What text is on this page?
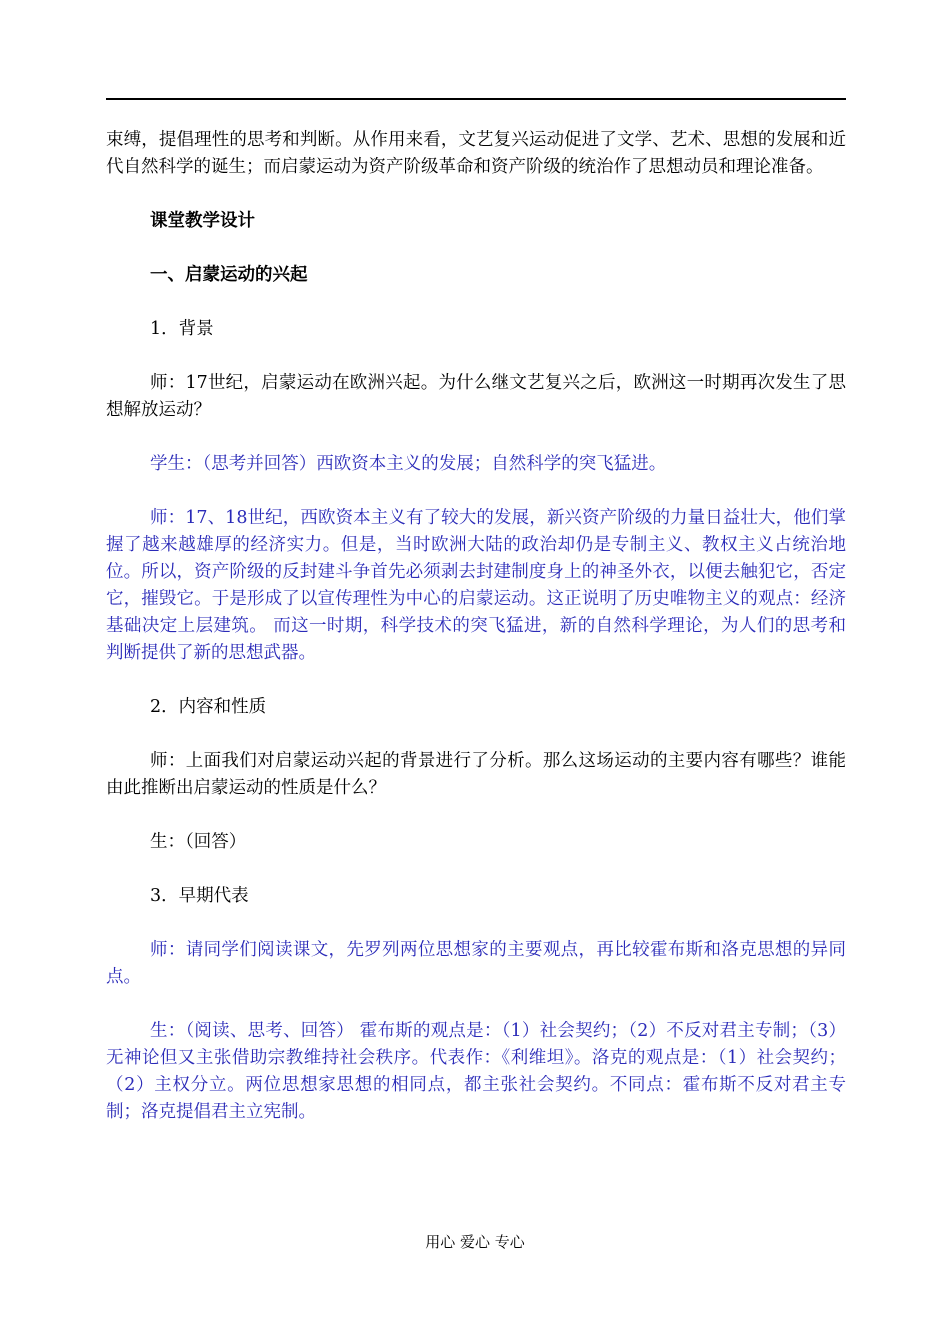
束缚，提倡理性的思考和判断。从作用来看，文艺复兴运动促进了文学、艺术、思想的发展和近代自然科学的诞生；而启蒙运动为资产阶级革命和资产阶级的统治作了思想动员和理论准备。

课堂教学设计

一、启蒙运动的兴起

1．背景

师：17世纪，启蒙运动在欧洲兴起。为什么继文艺复兴之后，欧洲这一时期再次发生了思想解放运动？

学生：（思考并回答）西欧资本主义的发展；自然科学的突飞猛进。

师：17、18世纪，西欧资本主义有了较大的发展，新兴资产阶级的力量日益壮大，他们掌握了越来越雄厚的经济实力。但是，当时欧洲大陆的政治却仍是专制主义、教权主义占统治地位。所以，资产阶级的反封建斗争首先必须剥去封建制度身上的神圣外衣，以便去触犯它，否定它，摧毁它。于是形成了以宣传理性为中心的启蒙运动。这正说明了历史唯物主义的观点：经济基础决定上层建筑。 而这一时期，科学技术的突飞猛进，新的自然科学理论，为人们的思考和判断提供了新的思想武器。

2．内容和性质

师：上面我们对启蒙运动兴起的背景进行了分析。那么这场运动的主要内容有哪些？谁能由此推断出启蒙运动的性质是什么？

生：（回答）

3．早期代表

师：请同学们阅读课文，先罗列两位思想家的主要观点，再比较霍布斯和洛克思想的异同点。

生：（阅读、思考、回答） 霍布斯的观点是：（1）社会契约；（2）不反对君主专制；（3）无神论但又主张借助宗教维持社会秩序。代表作：《利维坦》。洛克的观点是：（1）社会契约；（2）主权分立。两位思想家思想的相同点，都主张社会契约。不同点：霍布斯不反对君主专制；洛克提倡君主立宪制。

用心 爱心 专心
